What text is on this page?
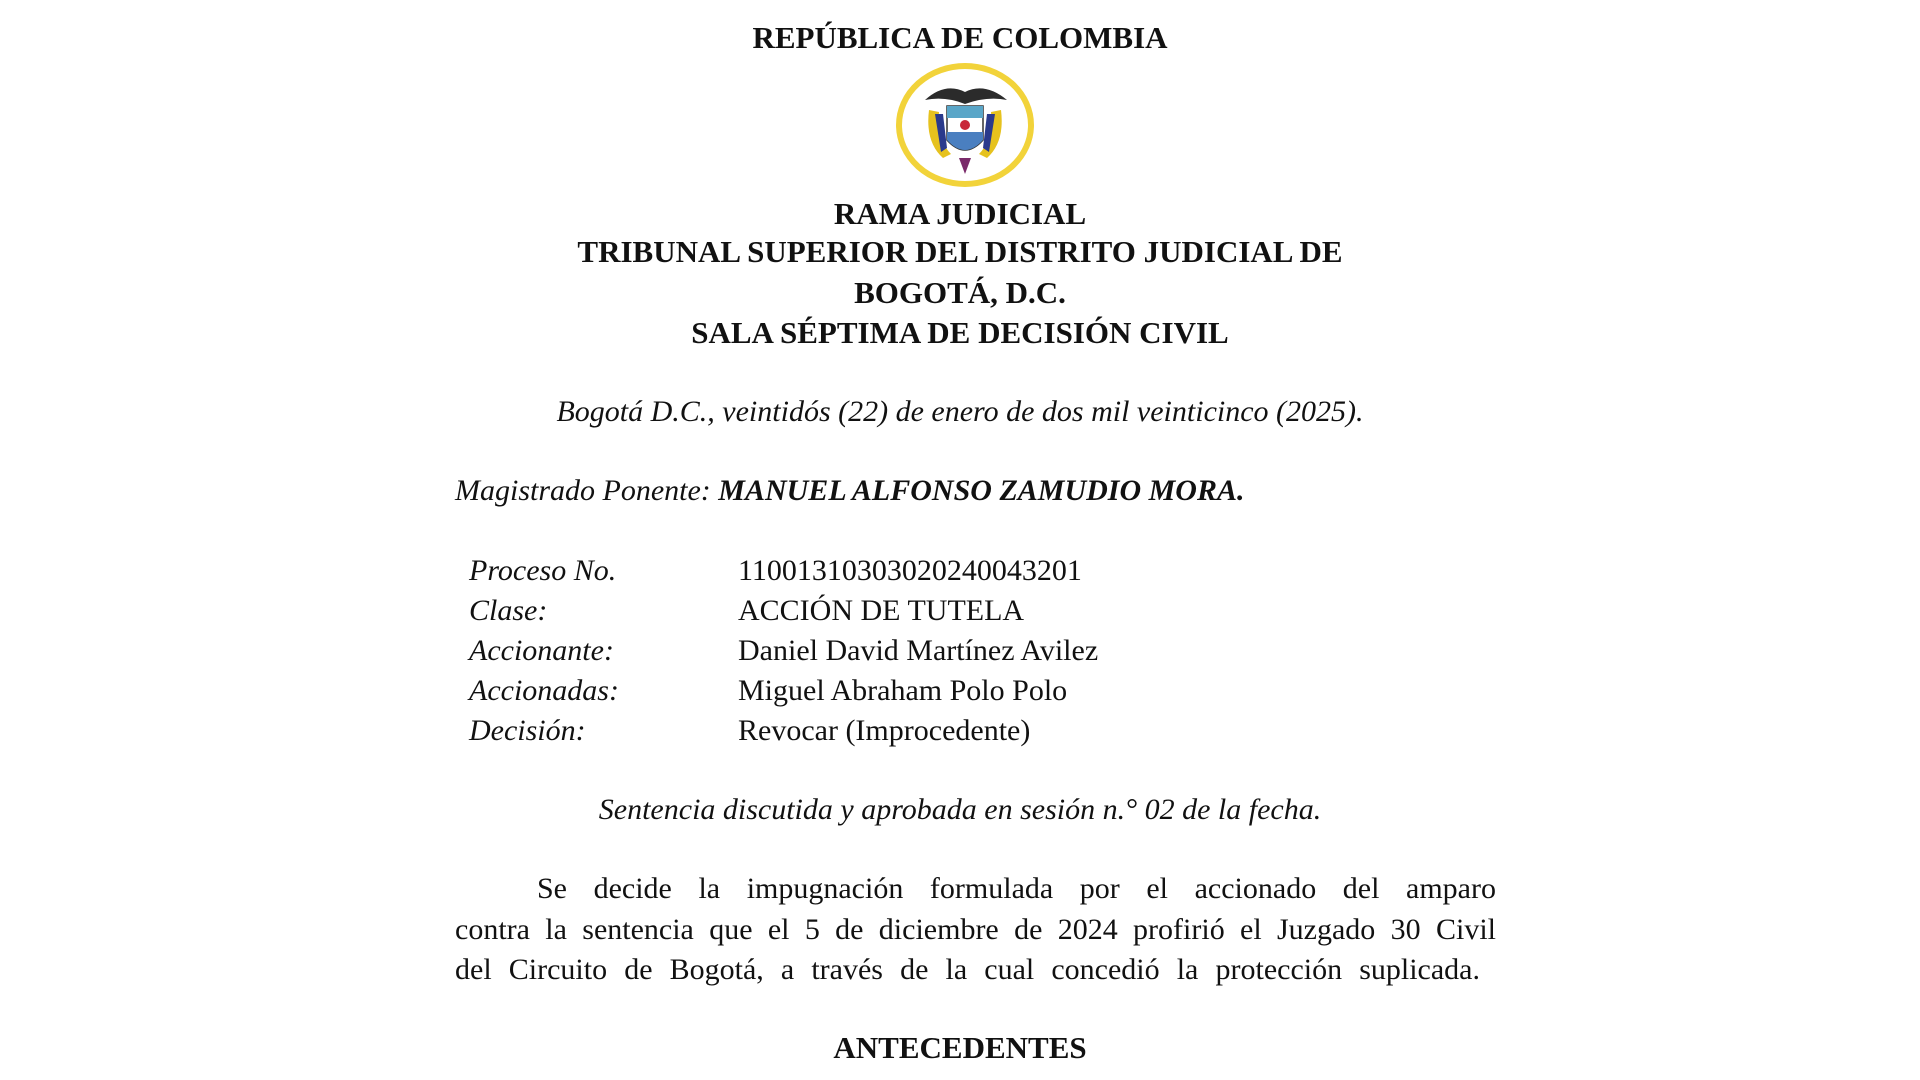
REPÚBLICA DE COLOMBIA
RAMA JUDICIAL
TRIBUNAL SUPERIOR DEL DISTRITO JUDICIAL DE
BOGOTÁ, D.C.
SALA SÉPTIMA DE DECISIÓN CIVIL
Bogotá D.C., veintidós (22) de enero de dos mil veinticinco (2025).
Magistrado Ponente: MANUEL ALFONSO ZAMUDIO MORA.
Proceso No.	11001310303020240043201
Clase:	ACCIÓN DE TUTELA
Accionante:	Daniel David Martínez Avilez
Accionadas:	Miguel Abraham Polo Polo
Decisión:	Revocar (Improcedente)
Sentencia discutida y aprobada en sesión n.° 02 de la fecha.
Se decide la impugnación formulada por el accionado del amparo
contra la sentencia que el 5 de diciembre de 2024 profirió el Juzgado 30 Civil
del Circuito de Bogotá, a través de la cual concedió la protección suplicada.
ANTECEDENTES
